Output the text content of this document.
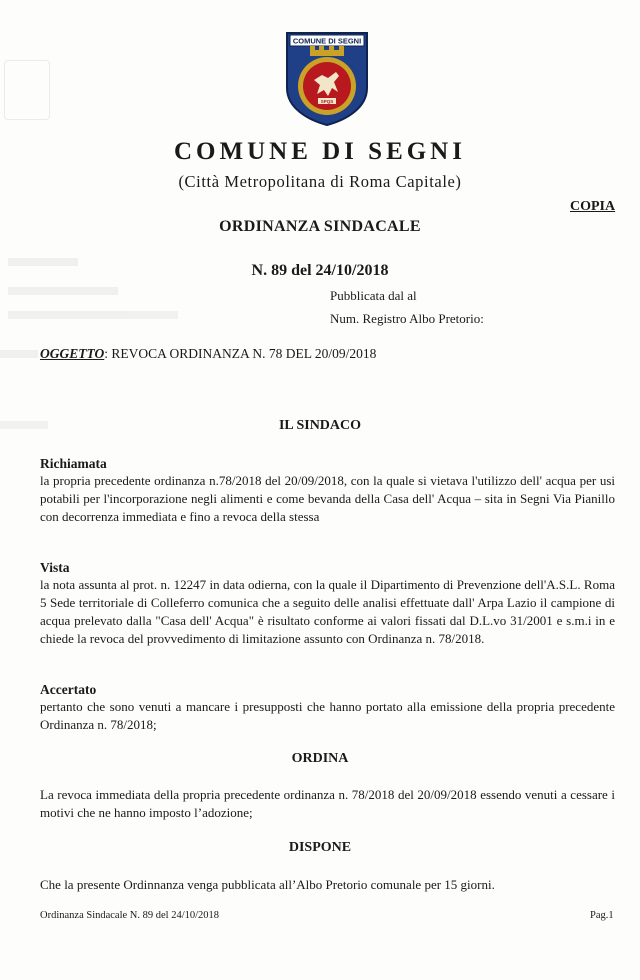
COMUNE DI SEGNI
SPQS
COMUNE DI SEGNI
(Città Metropolitana di Roma Capitale)
COPIA
ORDINANZA SINDACALE
N. 89 del 24/10/2018
Pubblicata dal al
Num. Registro Albo Pretorio:
OGGETTO: REVOCA ORDINANZA N. 78 DEL 20/09/2018
IL SINDACO
Richiamata
la propria precedente ordinanza n.78/2018 del 20/09/2018, con la quale si vietava l'utilizzo dell' acqua per usi potabili per l'incorporazione negli alimenti e come bevanda della Casa dell' Acqua – sita in Segni Via Pianillo con decorrenza immediata e fino a revoca della stessa
Vista
la nota assunta al prot. n. 12247 in data odierna, con la quale il Dipartimento di Prevenzione dell'A.S.L. Roma 5 Sede territoriale di Colleferro comunica che a seguito delle analisi effettuate dall' Arpa Lazio il campione di acqua prelevato dalla "Casa dell' Acqua" è risultato conforme ai valori fissati dal D.L.vo 31/2001 e s.m.i in e chiede la revoca del provvedimento di limitazione assunto con Ordinanza n. 78/2018.
Accertato
pertanto che sono venuti a mancare i presupposti che hanno portato alla emissione della propria precedente Ordinanza n. 78/2018;
ORDINA
La revoca immediata della propria precedente ordinanza n. 78/2018 del 20/09/2018 essendo venuti a cessare i motivi che ne hanno imposto l’adozione;
DISPONE
Che la presente Ordinnanza venga pubblicata all’Albo Pretorio comunale per 15 giorni.
Ordinanza Sindacale N. 89 del 24/10/2018	Pag.1
